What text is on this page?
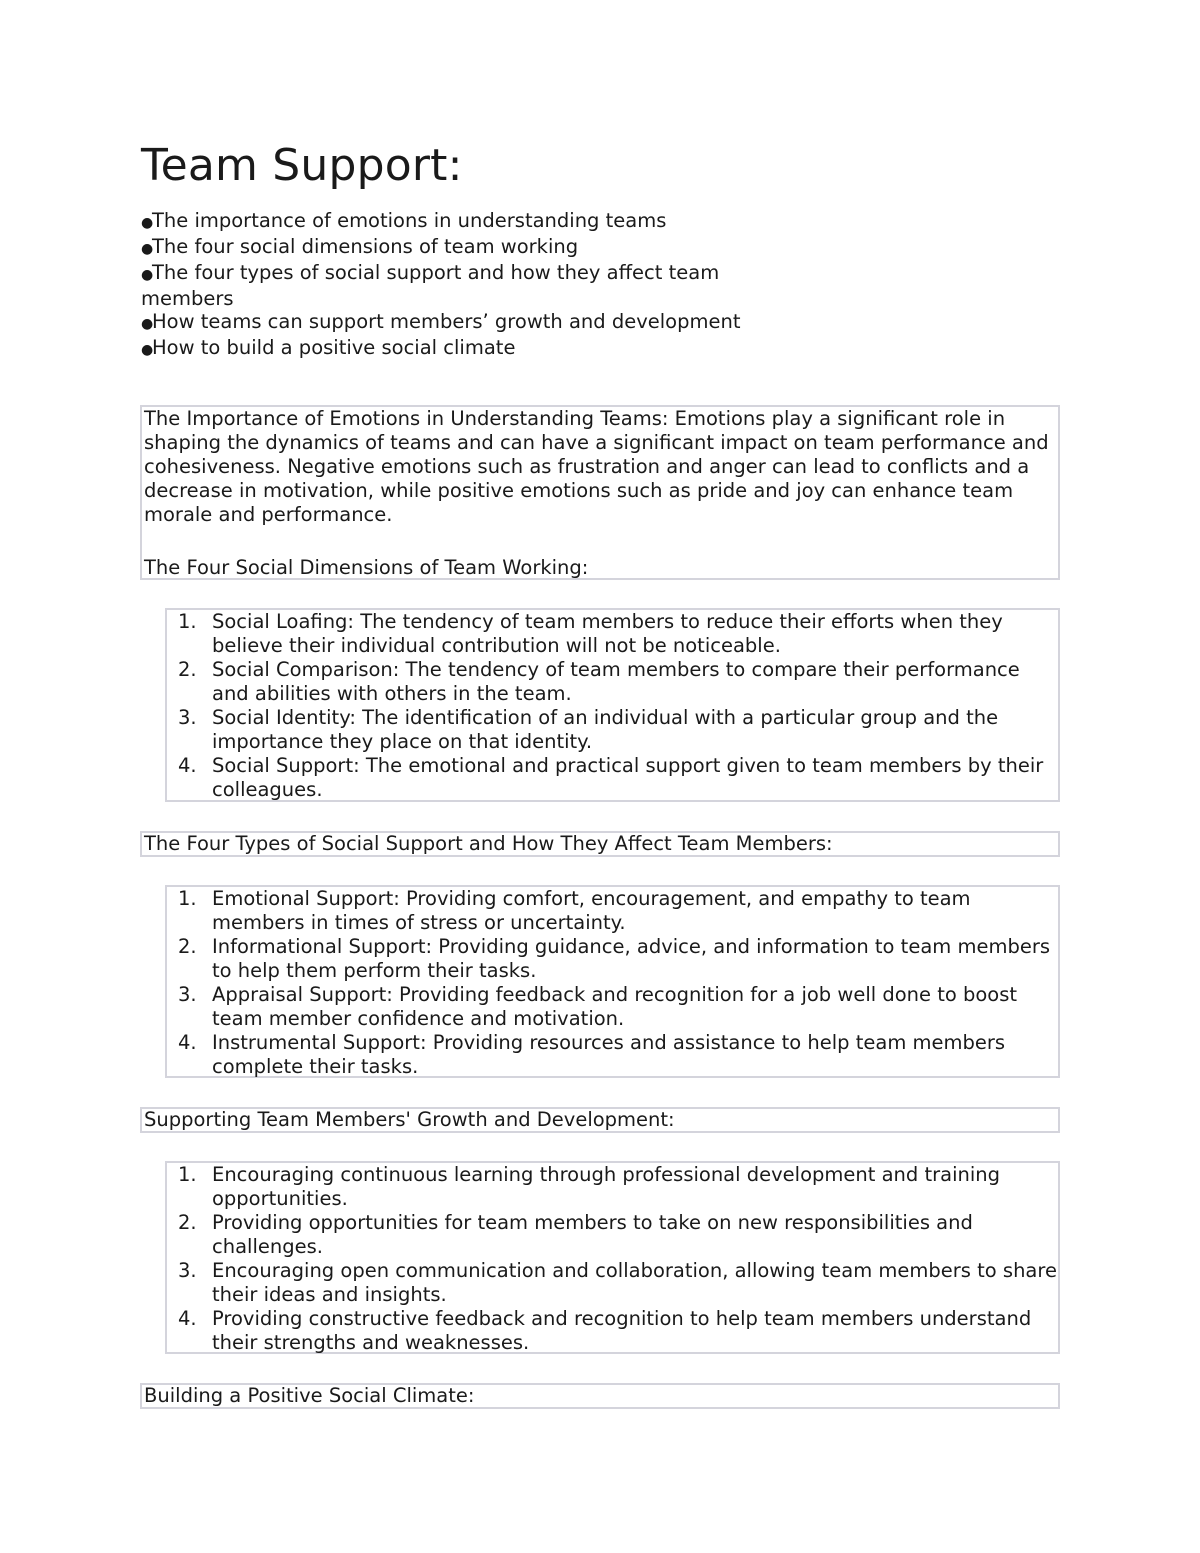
Team Support:
●The importance of emotions in understanding teams
●The four social dimensions of team working
●The four types of social support and how they affect team members
●How teams can support members’ growth and development
●How to build a positive social climate

The Importance of Emotions in Understanding Teams: Emotions play a significant role in shaping the dynamics of teams and can have a significant impact on team performance and cohesiveness. Negative emotions such as frustration and anger can lead to conflicts and a decrease in motivation, while positive emotions such as pride and joy can enhance team morale and performance.

The Four Social Dimensions of Team Working:

1. Social Loafing: The tendency of team members to reduce their efforts when they believe their individual contribution will not be noticeable.
2. Social Comparison: The tendency of team members to compare their performance and abilities with others in the team.
3. Social Identity: The identification of an individual with a particular group and the importance they place on that identity.
4. Social Support: The emotional and practical support given to team members by their colleagues.
The Four Types of Social Support and How They Affect Team Members:
1. Emotional Support: Providing comfort, encouragement, and empathy to team members in times of stress or uncertainty.
2. Informational Support: Providing guidance, advice, and information to team members to help them perform their tasks.
3. Appraisal Support: Providing feedback and recognition for a job well done to boost team member confidence and motivation.
4. Instrumental Support: Providing resources and assistance to help team members complete their tasks.
Supporting Team Members' Growth and Development:
1. Encouraging continuous learning through professional development and training opportunities.
2. Providing opportunities for team members to take on new responsibilities and challenges.
3. Encouraging open communication and collaboration, allowing team members to share their ideas and insights.
4. Providing constructive feedback and recognition to help team members understand their strengths and weaknesses.
Building a Positive Social Climate:
